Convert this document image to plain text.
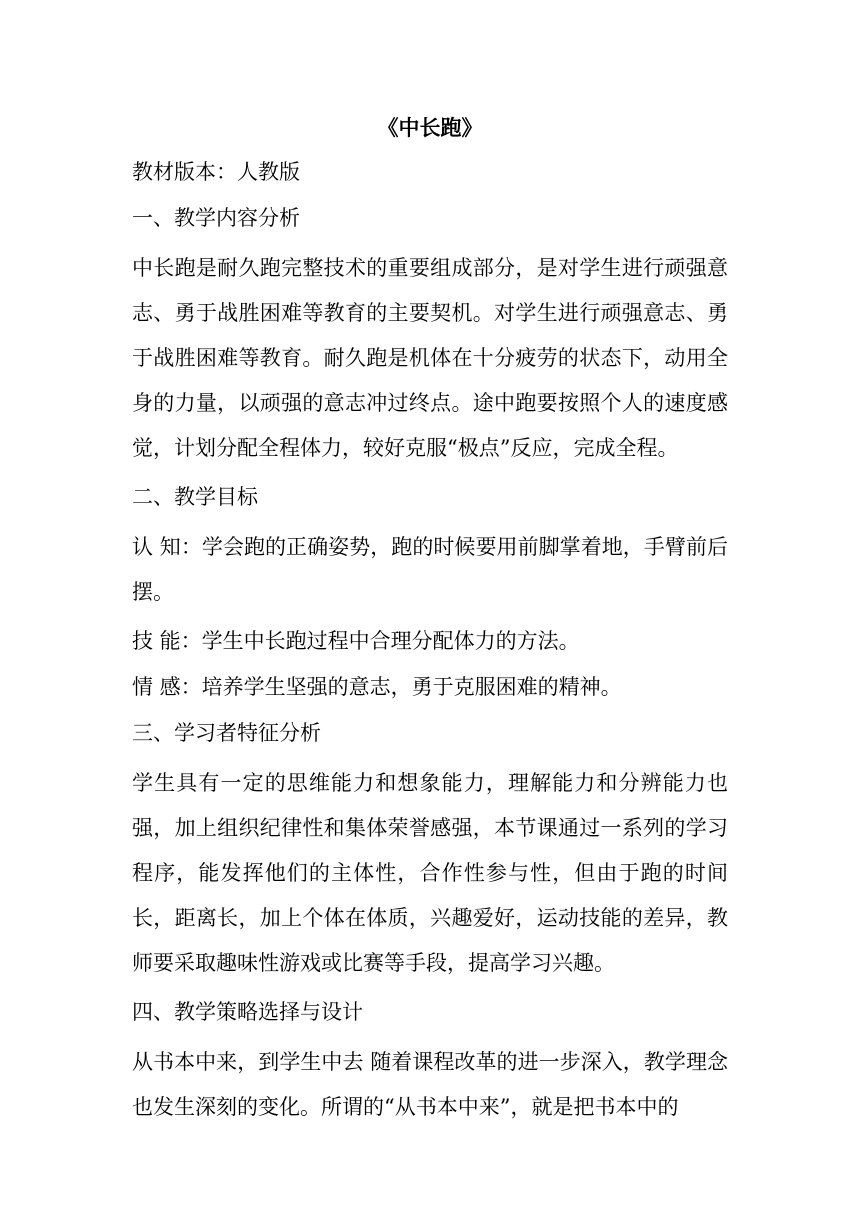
《中长跑》
教材版本：人教版
一、教学内容分析

中长跑是耐久跑完整技术的重要组成部分，是对学生进行顽强意志、勇于战胜困难等教育的主要契机。对学生进行顽强意志、勇于战胜困难等教育。耐久跑是机体在十分疲劳的状态下，动用全身的力量，以顽强的意志冲过终点。途中跑要按照个人的速度感觉，计划分配全程体力，较好克服“极点”反应，完成全程。

二、教学目标

认 知：学会跑的正确姿势，跑的时候要用前脚掌着地，手臂前后摆。

技 能：学生中长跑过程中合理分配体力的方法。
情 感：培养学生坚强的意志，勇于克服困难的精神。
三、学习者特征分析

学生具有一定的思维能力和想象能力，理解能力和分辨能力也强，加上组织纪律性和集体荣誉感强，本节课通过一系列的学习程序，能发挥他们的主体性，合作性参与性，但由于跑的时间长，距离长，加上个体在体质，兴趣爱好，运动技能的差异，教师要采取趣味性游戏或比赛等手段，提高学习兴趣。

四、教学策略选择与设计

从书本中来，到学生中去 随着课程改革的进一步深入，教学理念也发生深刻的变化。所谓的“从书本中来”，就是把书本中的
